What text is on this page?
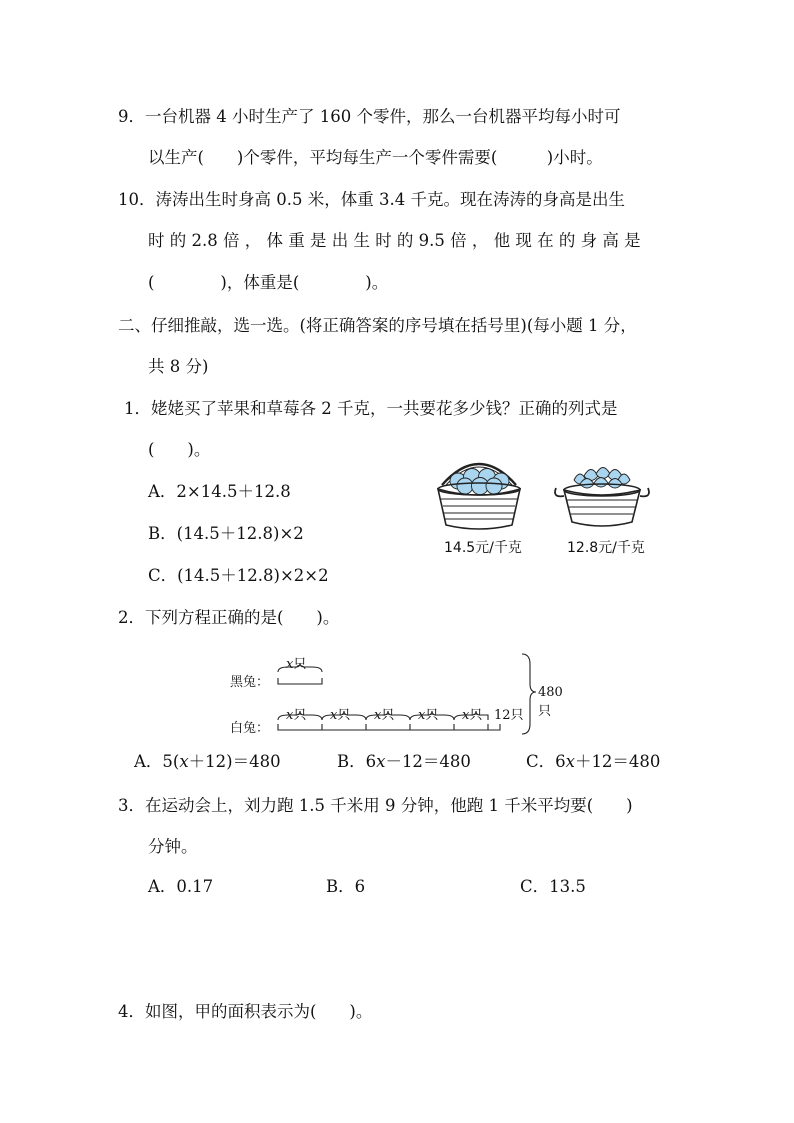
9．一台机器 4 小时生产了 160 个零件，那么一台机器平均每小时可
以生产(　　)个零件，平均每生产一个零件需要(　　　)小时。
10．涛涛出生时身高 0.5 米，体重 3.4 千克。现在涛涛的身高是出生
时 的 2.8 倍 ， 体 重 是 出 生 时 的 9.5 倍 ， 他 现 在 的 身 高 是
(　　　　)，体重是(　　　　)。
二、仔细推敲，选一选。(将正确答案的序号填在括号里)(每小题 1 分，
共 8 分)
1．姥姥买了苹果和草莓各 2 千克，一共要花多少钱？正确的列式是
(　　)。
A．2×14.5＋12.8
B．(14.5＋12.8)×2
C．(14.5＋12.8)×2×2
14.5元/千克	12.8元/千克
2．下列方程正确的是(　　)。
黑兔：
白兔：
x只
x只 x只 x只 x只 x只 12只
480只
A．5(x＋12)＝480	B．6x－12＝480	C．6x＋12＝480
3．在运动会上，刘力跑 1.5 千米用 9 分钟，他跑 1 千米平均要(　　)
分钟。
A．0.17	B．6	C．13.5
4．如图，甲的面积表示为(　　)。
